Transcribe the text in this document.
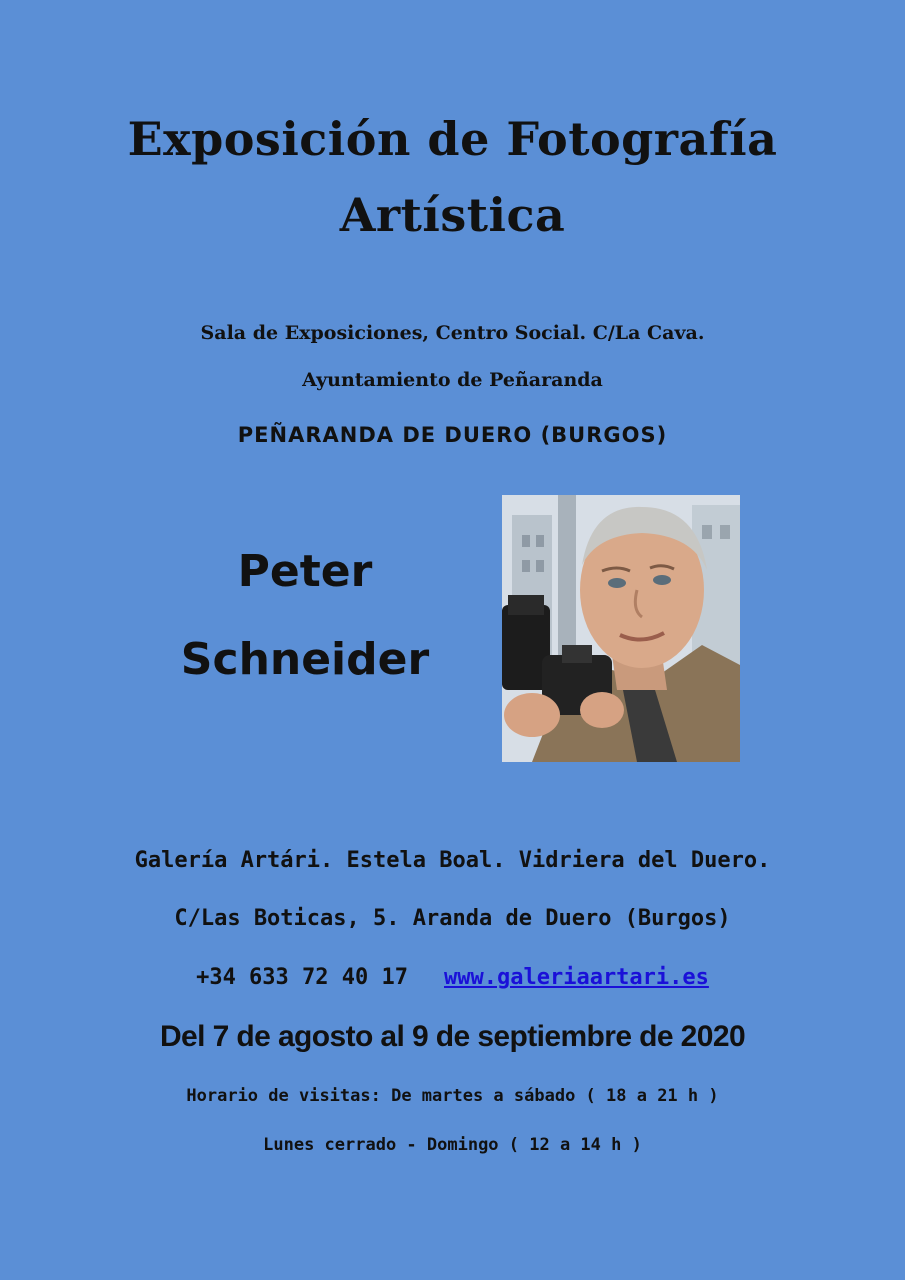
Exposición de Fotografía
Artística
Sala de Exposiciones, Centro Social. C/La Cava.
Ayuntamiento de Peñaranda
PEÑARANDA DE DUERO (BURGOS)
Peter
Schneider
Galería Artári. Estela Boal. Vidriera del Duero.
C/Las Boticas, 5. Aranda de Duero (Burgos)
+34 633 72 40 17 www.galeriaartari.es
Del 7 de agosto al 9 de septiembre de 2020
Horario de visitas: De martes a sábado ( 18 a 21 h )
Lunes cerrado - Domingo ( 12 a 14 h )
